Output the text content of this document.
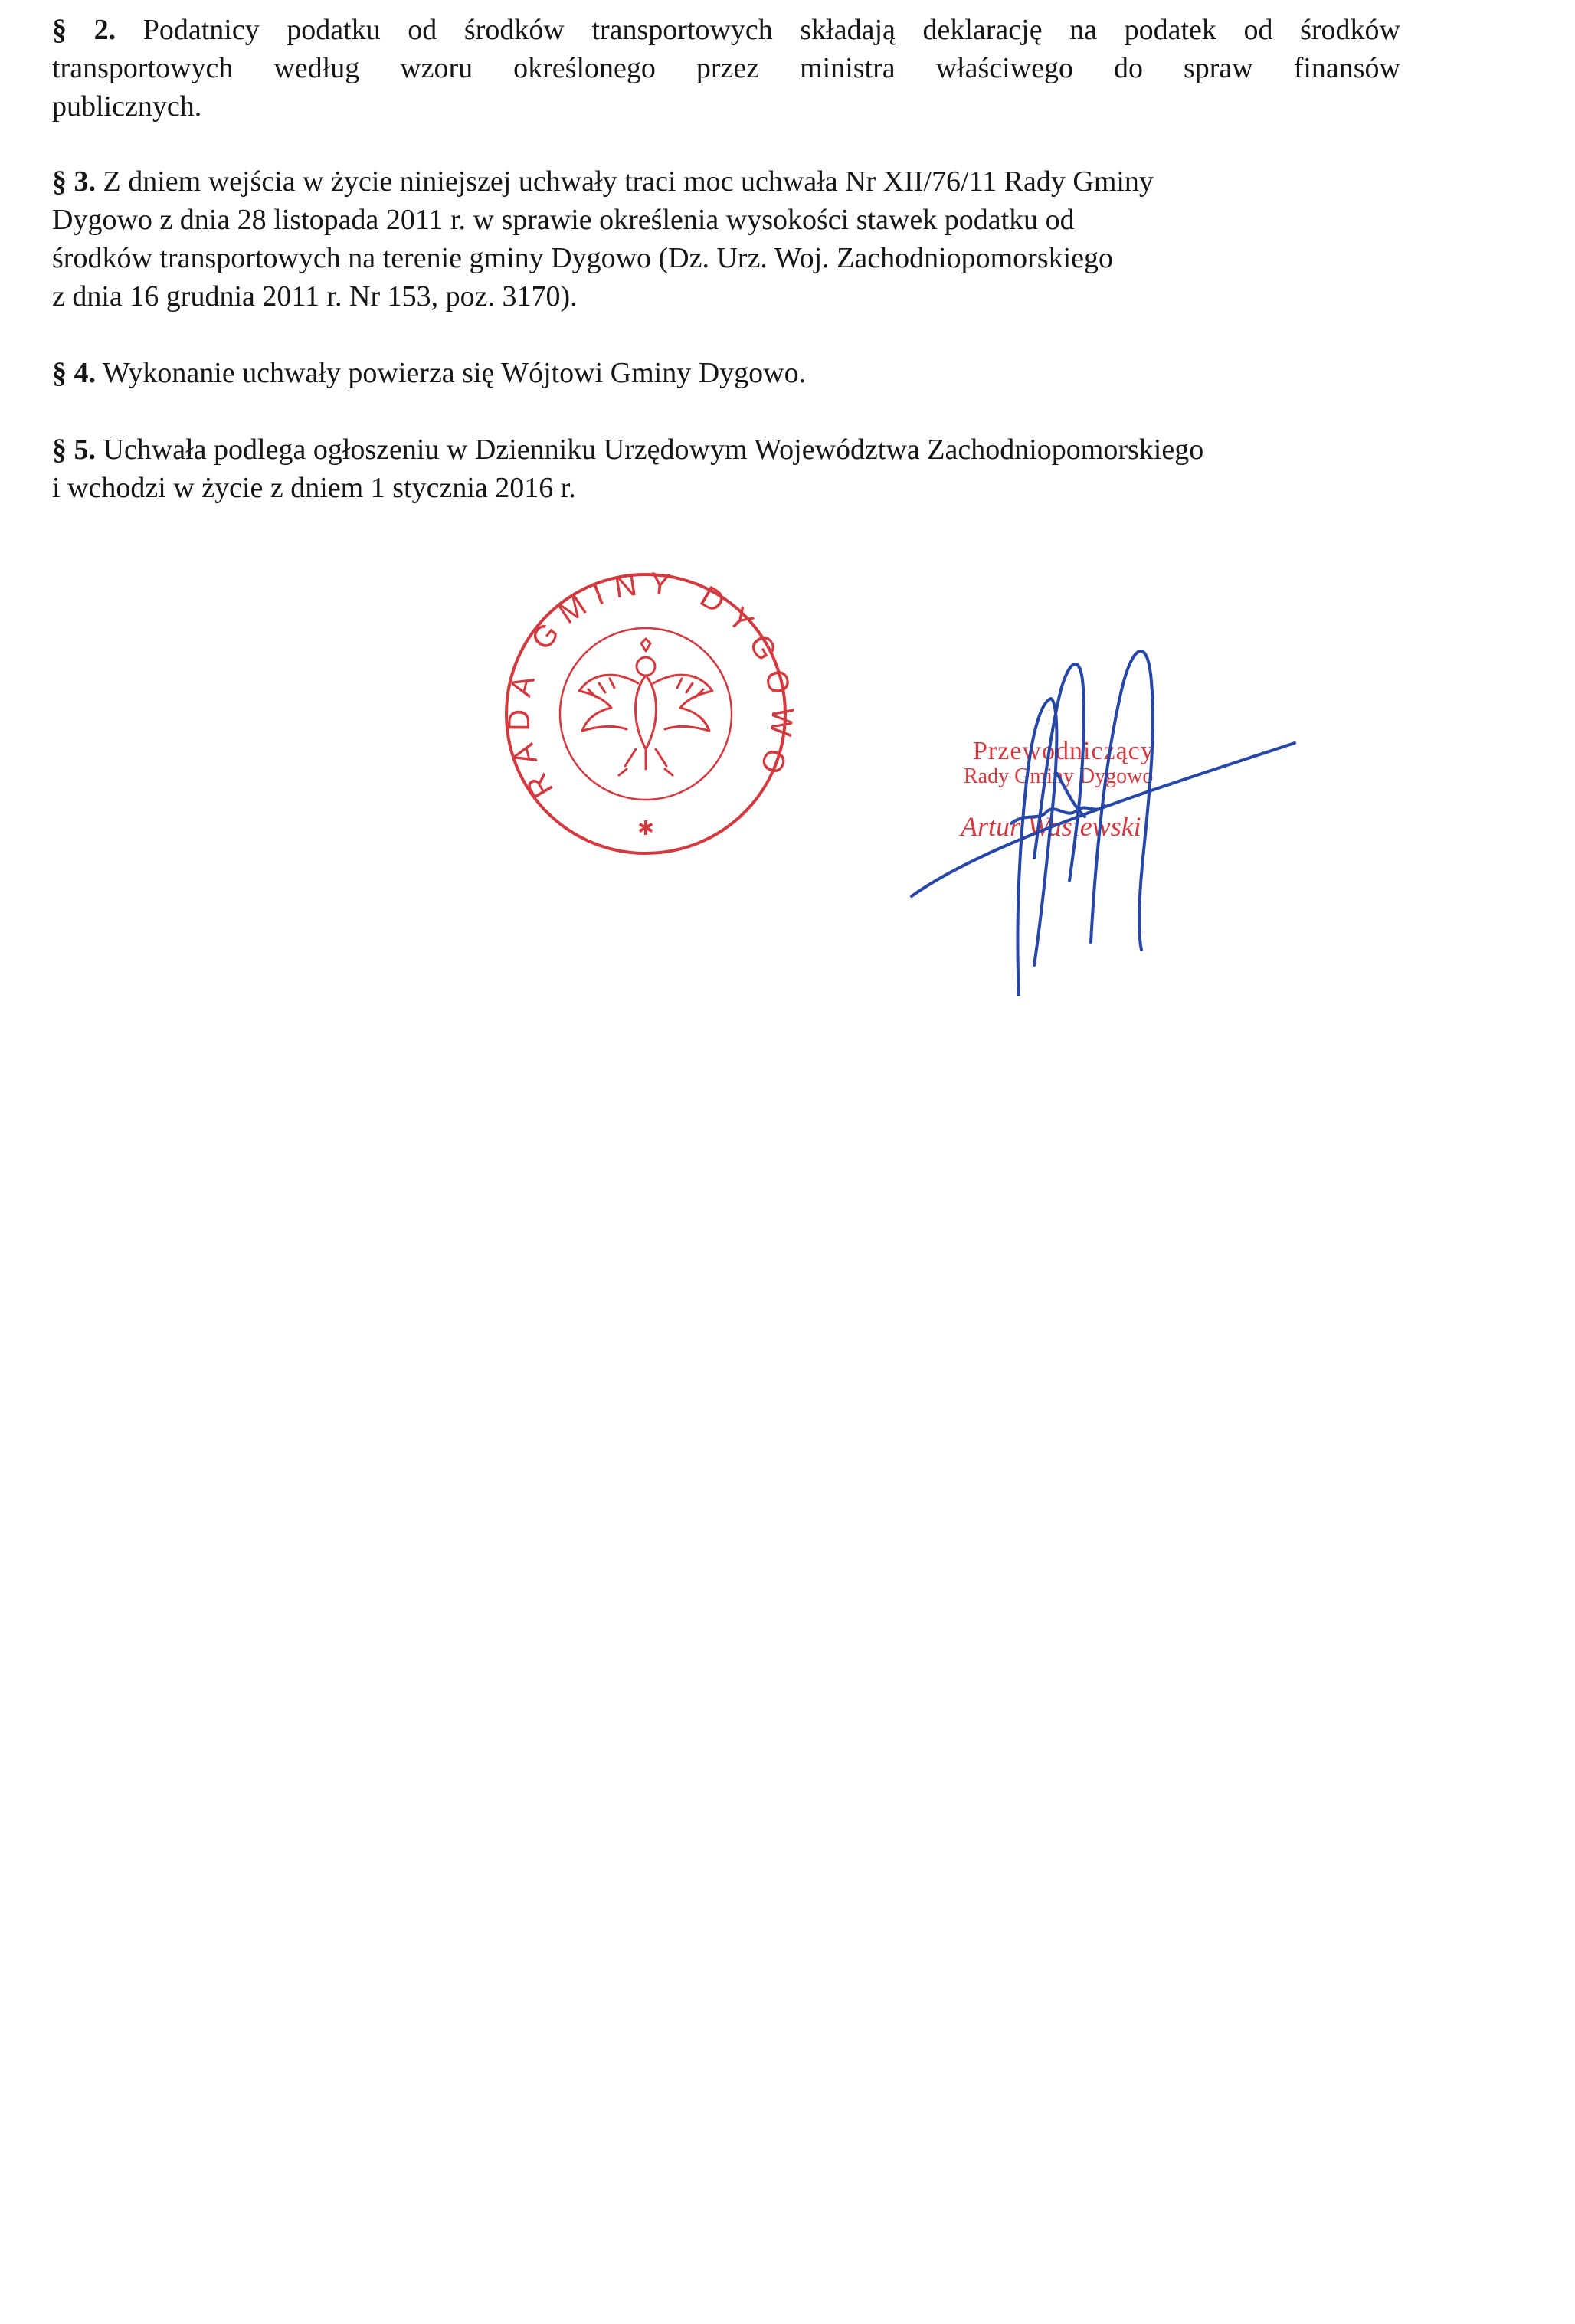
§ 2. Podatnicy podatku od środków transportowych składają deklarację na podatek od środków
transportowych według wzoru określonego przez ministra właściwego do spraw finansów
publicznych.
§ 3. Z dniem wejścia w życie niniejszej uchwały traci moc uchwała Nr XII/76/11 Rady Gminy
Dygowo z dnia 28 listopada 2011 r. w sprawie określenia wysokości stawek podatku od
środków transportowych na terenie gminy Dygowo (Dz. Urz. Woj. Zachodniopomorskiego
z dnia 16 grudnia 2011 r. Nr 153, poz. 3170).
§ 4. Wykonanie uchwały powierza się Wójtowi Gminy Dygowo.
§ 5. Uchwała podlega ogłoszeniu w Dzienniku Urzędowym Województwa Zachodniopomorskiego
i wchodzi w życie z dniem 1 stycznia 2016 r.
RADA GMINY DYGO O
✱
Przewodniczący
Rady Gminy Dygowo
Artur Wasiewski
